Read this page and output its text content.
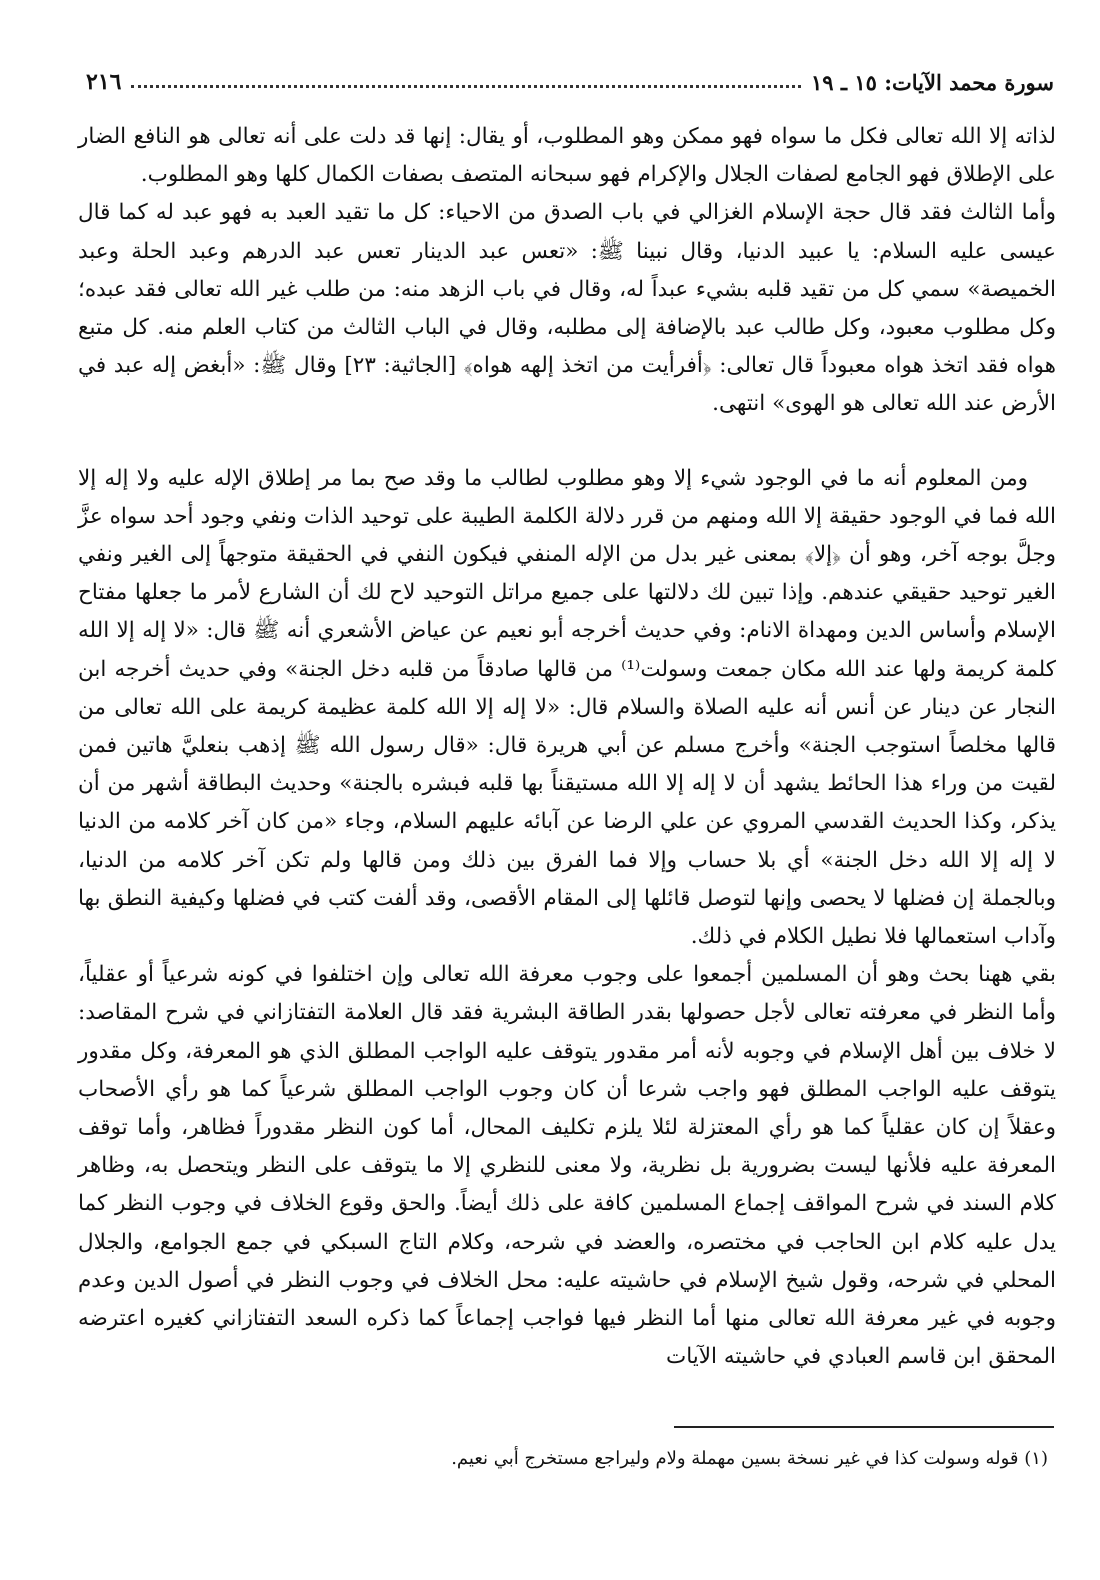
سورة محمد الآيات: ١٥ ـ ١٩
٢١٦

لذاته إلا الله تعالى فكل ما سواه فهو ممكن وهو المطلوب، أو يقال: إنها قد دلت على أنه تعالى هو النافع الضار على الإطلاق فهو الجامع لصفات الجلال والإكرام فهو سبحانه المتصف بصفات الكمال كلها وهو المطلوب.

وأما الثالث فقد قال حجة الإسلام الغزالي في باب الصدق من الاحياء: كل ما تقيد العبد به فهو عبد له كما قال عيسى عليه السلام: يا عبيد الدنيا، وقال نبينا ﷺ: «تعس عبد الدينار تعس عبد الدرهم وعبد الحلة وعبد الخميصة» سمي كل من تقيد قلبه بشيء عبداً له، وقال في باب الزهد منه: من طلب غير الله تعالى فقد عبده؛ وكل مطلوب معبود، وكل طالب عبد بالإضافة إلى مطلبه، وقال في الباب الثالث من كتاب العلم منه. كل متبع هواه فقد اتخذ هواه معبوداً قال تعالى: ﴿أفرأيت من اتخذ إلهه هواه﴾ [الجاثية: ٢٣] وقال ﷺ: «أبغض إله عبد في الأرض عند الله تعالى هو الهوى» انتهى.

ومن المعلوم أنه ما في الوجود شيء إلا وهو مطلوب لطالب ما وقد صح بما مر إطلاق الإله عليه ولا إله إلا الله فما في الوجود حقيقة إلا الله ومنهم من قرر دلالة الكلمة الطيبة على توحيد الذات ونفي وجود أحد سواه عزَّ وجلَّ بوجه آخر، وهو أن ﴿إلا﴾ بمعنى غير بدل من الإله المنفي فيكون النفي في الحقيقة متوجهاً إلى الغير ونفي الغير توحيد حقيقي عندهم. وإذا تبين لك دلالتها على جميع مراتل التوحيد لاح لك أن الشارع لأمر ما جعلها مفتاح الإسلام وأساس الدين ومهداة الانام: وفي حديث أخرجه أبو نعيم عن عياض الأشعري أنه ﷺ قال: «لا إله إلا الله كلمة كريمة ولها عند الله مكان جمعت وسولت⁽¹⁾ من قالها صادقاً من قلبه دخل الجنة» وفي حديث أخرجه ابن النجار عن دينار عن أنس أنه عليه الصلاة والسلام قال: «لا إله إلا الله كلمة عظيمة كريمة على الله تعالى من قالها مخلصاً استوجب الجنة» وأخرج مسلم عن أبي هريرة قال: «قال رسول الله ﷺ إذهب بنعليَّ هاتين فمن لقيت من وراء هذا الحائط يشهد أن لا إله إلا الله مستيقناً بها قلبه فبشره بالجنة» وحديث البطاقة أشهر من أن يذكر، وكذا الحديث القدسي المروي عن علي الرضا عن آبائه عليهم السلام، وجاء «من كان آخر كلامه من الدنيا لا إله إلا الله دخل الجنة» أي بلا حساب وإلا فما الفرق بين ذلك ومن قالها ولم تكن آخر كلامه من الدنيا، وبالجملة إن فضلها لا يحصى وإنها لتوصل قائلها إلى المقام الأقصى، وقد ألفت كتب في فضلها وكيفية النطق بها وآداب استعمالها فلا نطيل الكلام في ذلك.

بقي ههنا بحث وهو أن المسلمين أجمعوا على وجوب معرفة الله تعالى وإن اختلفوا في كونه شرعياً أو عقلياً، وأما النظر في معرفته تعالى لأجل حصولها بقدر الطاقة البشرية فقد قال العلامة التفتازاني في شرح المقاصد: لا خلاف بين أهل الإسلام في وجوبه لأنه أمر مقدور يتوقف عليه الواجب المطلق الذي هو المعرفة، وكل مقدور يتوقف عليه الواجب المطلق فهو واجب شرعا أن كان وجوب الواجب المطلق شرعياً كما هو رأي الأصحاب وعقلاً إن كان عقلياً كما هو رأي المعتزلة لئلا يلزم تكليف المحال، أما كون النظر مقدوراً فظاهر، وأما توقف المعرفة عليه فلأنها ليست بضرورية بل نظرية، ولا معنى للنظري إلا ما يتوقف على النظر ويتحصل به، وظاهر كلام السند في شرح المواقف إجماع المسلمين كافة على ذلك أيضاً. والحق وقوع الخلاف في وجوب النظر كما يدل عليه كلام ابن الحاجب في مختصره، والعضد في شرحه، وكلام التاج السبكي في جمع الجوامع، والجلال المحلي في شرحه، وقول شيخ الإسلام في حاشيته عليه: محل الخلاف في وجوب النظر في أصول الدين وعدم وجوبه في غير معرفة الله تعالى منها أما النظر فيها فواجب إجماعاً كما ذكره السعد التفتازاني كغيره اعترضه المحقق ابن قاسم العبادي في حاشيته الآيات

(١) قوله وسولت كذا في غير نسخة بسين مهملة ولام وليراجع مستخرج أبي نعيم.
